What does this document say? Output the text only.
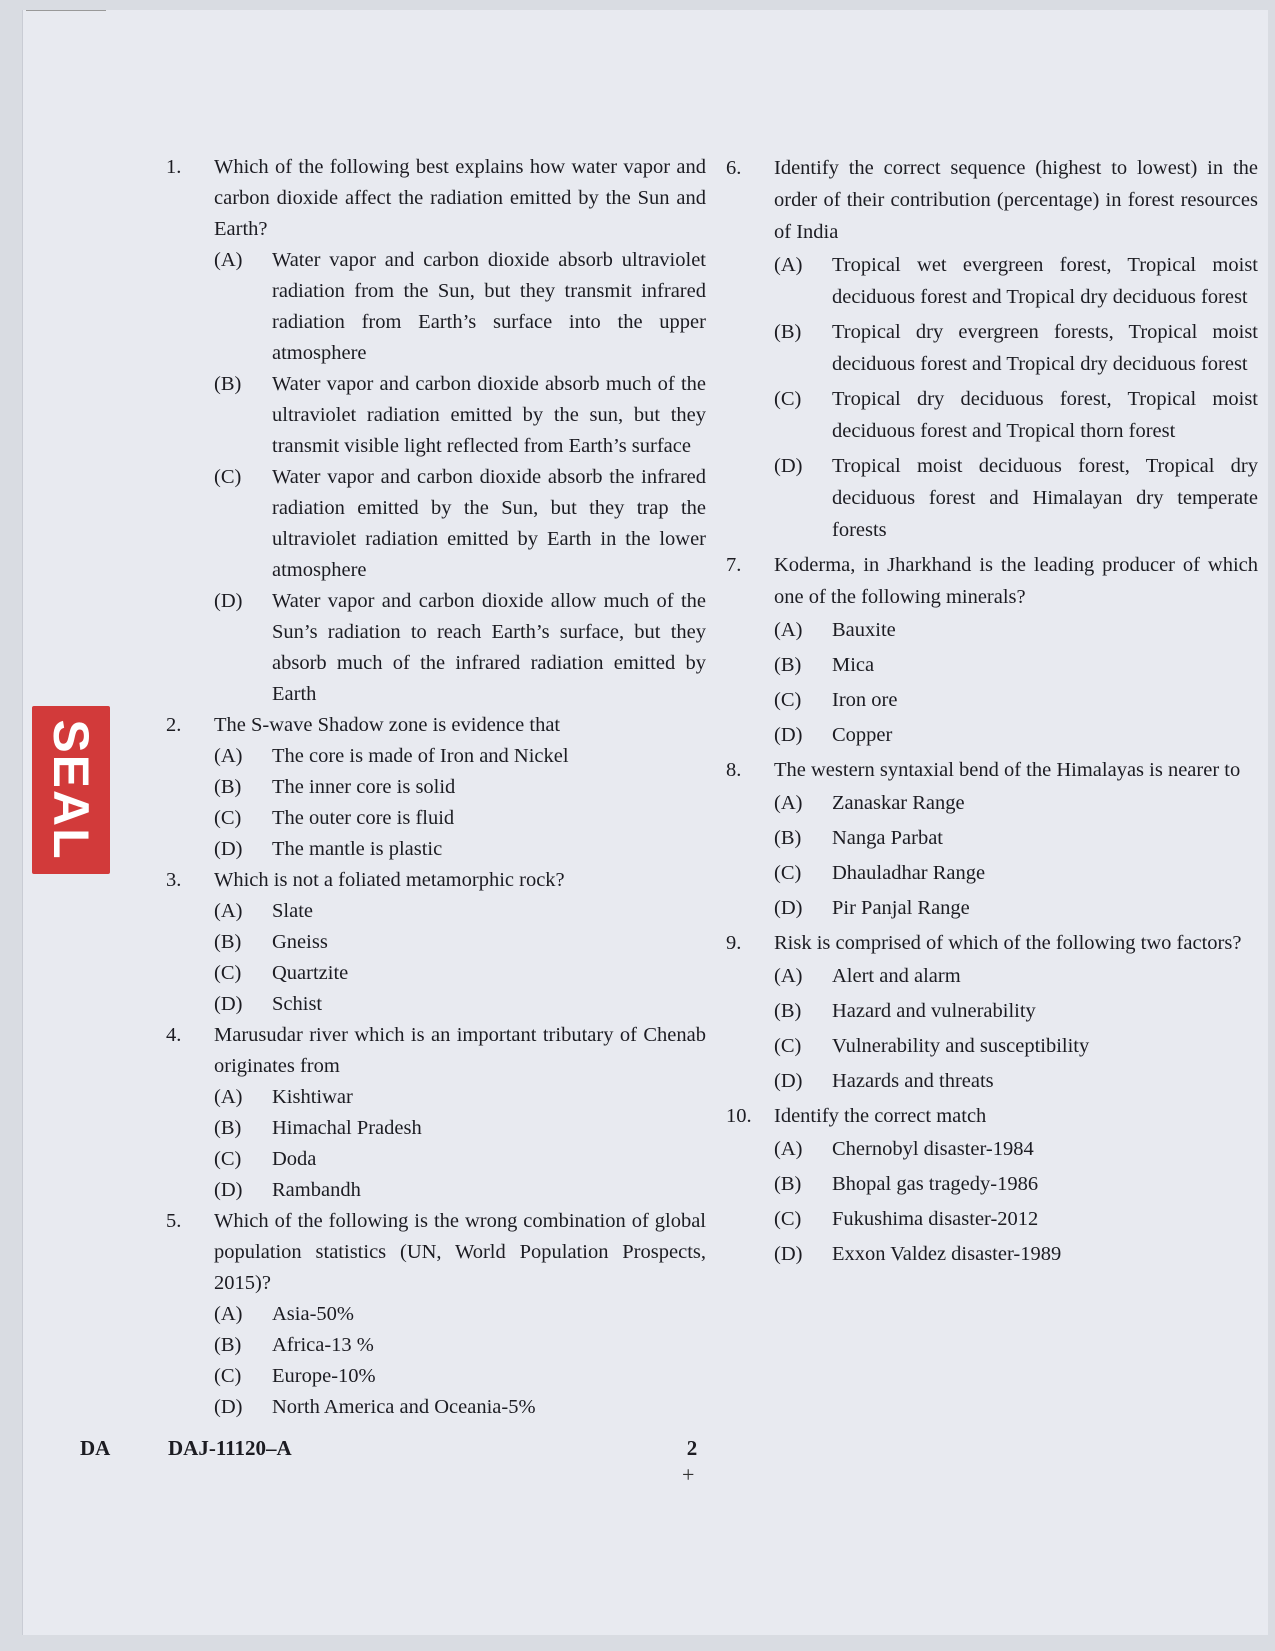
1. Which of the following best explains how water vapor and carbon dioxide affect the radiation emitted by the Sun and Earth?
(A) Water vapor and carbon dioxide absorb ultraviolet radiation from the Sun, but they transmit infrared radiation from Earth’s surface into the upper atmosphere
(B) Water vapor and carbon dioxide absorb much of the ultraviolet radiation emitted by the sun, but they transmit visible light reflected from Earth’s surface
(C) Water vapor and carbon dioxide absorb the infrared radiation emitted by the Sun, but they trap the ultraviolet radiation emitted by Earth in the lower atmosphere
(D) Water vapor and carbon dioxide allow much of the Sun’s radiation to reach Earth’s surface, but they absorb much of the infrared radiation emitted by Earth
2. The S-wave Shadow zone is evidence that
(A) The core is made of Iron and Nickel
(B) The inner core is solid
(C) The outer core is fluid
(D) The mantle is plastic
3. Which is not a foliated metamorphic rock?
(A) Slate
(B) Gneiss
(C) Quartzite
(D) Schist
4. Marusudar river which is an important tributary of Chenab originates from
(A) Kishtiwar
(B) Himachal Pradesh
(C) Doda
(D) Rambandh
5. Which of the following is the wrong combination of global population statistics (UN, World Population Prospects, 2015)?
(A) Asia-50%
(B) Africa-13 %
(C) Europe-10%
(D) North America and Oceania-5%
6. Identify the correct sequence (highest to lowest) in the order of their contribution (percentage) in forest resources of India
(A) Tropical wet evergreen forest, Tropical moist deciduous forest and Tropical dry deciduous forest
(B) Tropical dry evergreen forests, Tropical moist deciduous forest and Tropical dry deciduous forest
(C) Tropical dry deciduous forest, Tropical moist deciduous forest and Tropical thorn forest
(D) Tropical moist deciduous forest, Tropical dry deciduous forest and Himalayan dry temperate forests
7. Koderma, in Jharkhand is the leading producer of which one of the following minerals?
(A) Bauxite
(B) Mica
(C) Iron ore
(D) Copper
8. The western syntaxial bend of the Himalayas is nearer to
(A) Zanaskar Range
(B) Nanga Parbat
(C) Dhauladhar Range
(D) Pir Panjal Range
9. Risk is comprised of which of the following two factors?
(A) Alert and alarm
(B) Hazard and vulnerability
(C) Vulnerability and susceptibility
(D) Hazards and threats
10. Identify the correct match
(A) Chernobyl disaster-1984
(B) Bhopal gas tragedy-1986
(C) Fukushima disaster-2012
(D) Exxon Valdez disaster-1989
SEAL
DA	DAJ-11120–A	2
+
